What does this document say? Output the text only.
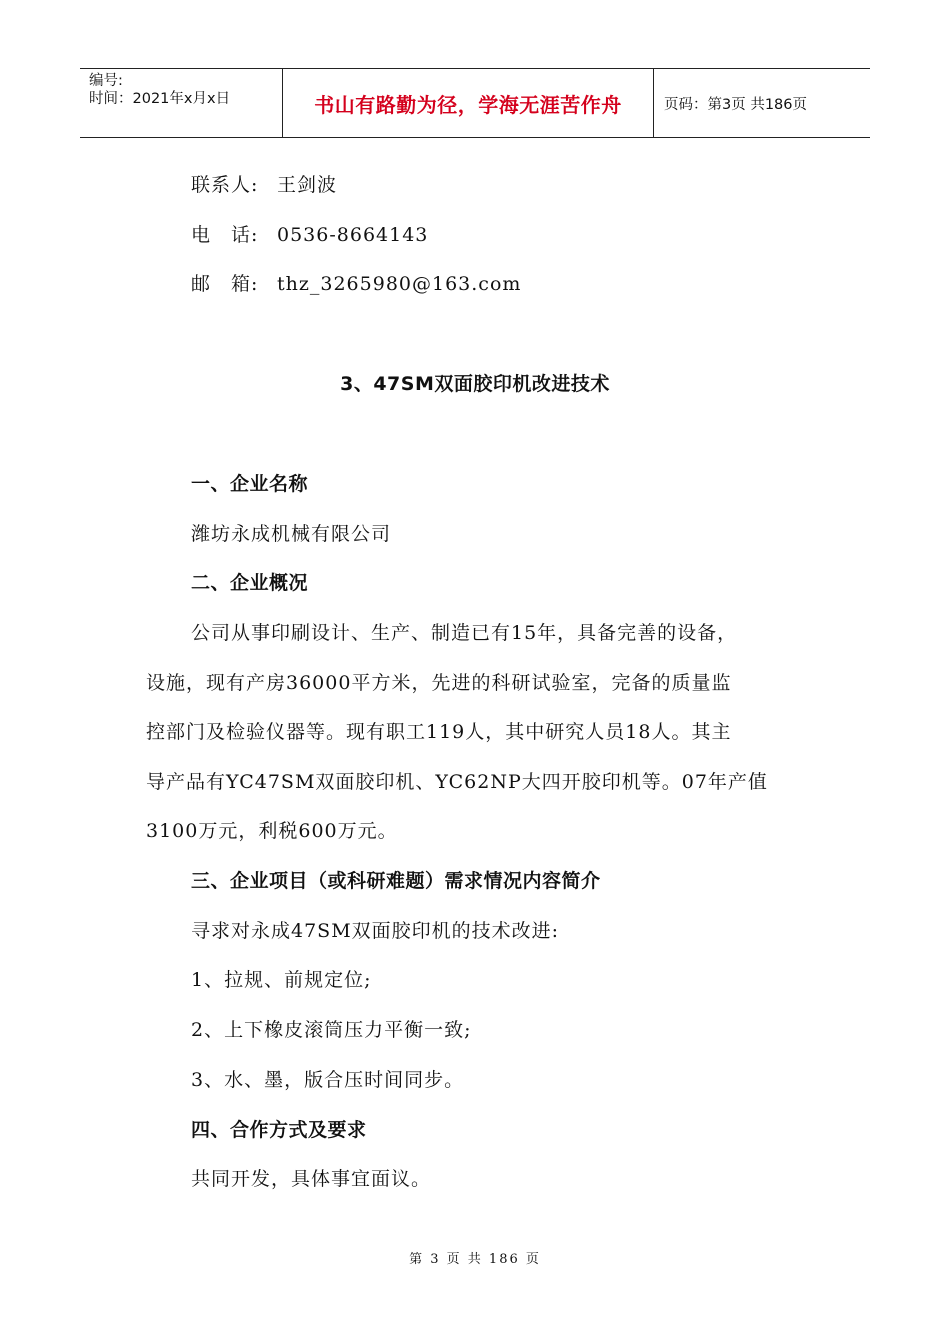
编号:
时间：2021年x月x日	书山有路勤为径，学海无涯苦作舟	页码：第3页 共186页
联系人: 王剑波
电　话: 0536-8664143
邮　箱: thz_3265980@163.com
3、47SM双面胶印机改进技术
一、企业名称
潍坊永成机械有限公司
二、企业概况
公司从事印刷设计、生产、制造已有15年，具备完善的设备，
设施，现有产房36000平方米，先进的科研试验室，完备的质量监
控部门及检验仪器等。现有职工119人，其中研究人员18人。其主
导产品有YC47SM双面胶印机、YC62NP大四开胶印机等。07年产值
3100万元，利税600万元。
三、企业项目（或科研难题）需求情况内容简介
寻求对永成47SM双面胶印机的技术改进:
1、拉规、前规定位;
2、上下橡皮滚筒压力平衡一致;
3、水、墨，版合压时间同步。
四、合作方式及要求
共同开发，具体事宜面议。
第 3 页 共 186 页
